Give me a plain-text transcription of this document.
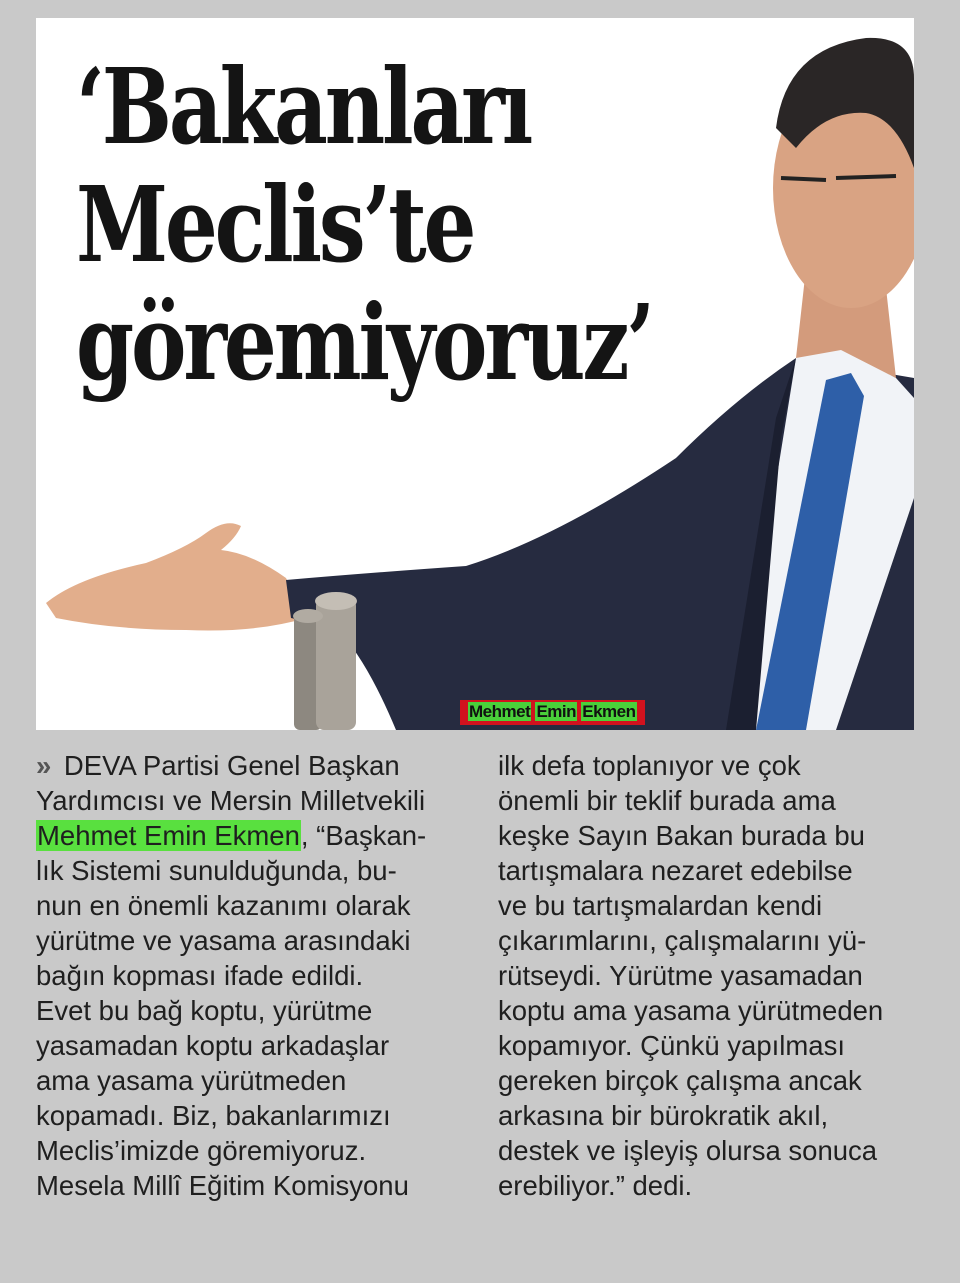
‘Bakanları
Meclis’te
göremiyoruz’
Mehmet Emin Ekmen
» DEVA Partisi Genel Başkan
Yardımcısı ve Mersin Milletvekili
Mehmet Emin Ekmen, “Başkan-
lık Sistemi sunulduğunda, bu-
nun en önemli kazanımı olarak
yürütme ve yasama arasındaki
bağın kopması ifade edildi.
Evet bu bağ koptu, yürütme
yasamadan koptu arkadaşlar
ama yasama yürütmeden
kopamadı. Biz, bakanlarımızı
Meclis’imizde göremiyoruz.
Mesela Millî Eğitim Komisyonu
ilk defa toplanıyor ve çok
önemli bir teklif burada ama
keşke Sayın Bakan burada bu
tartışmalara nezaret edebilse
ve bu tartışmalardan kendi
çıkarımlarını, çalışmalarını yü-
rütseydi. Yürütme yasamadan
koptu ama yasama yürütmeden
kopamıyor. Çünkü yapılması
gereken birçok çalışma ancak
arkasına bir bürokratik akıl,
destek ve işleyiş olursa sonuca
erebiliyor.” dedi.
